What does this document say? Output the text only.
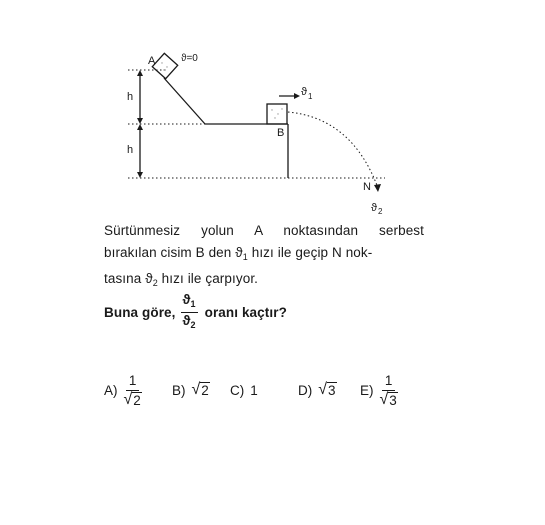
A	ϑ=0
h
h
B
ϑ 1
N
ϑ 2
Sürtünmesiz yolun A noktasından serbest
bırakılan cisim B den $ϑ_1$ hızı ile geçip N nok-
tasına $ϑ_2$ hızı ile çarpıyor.
Buna göre, $\frac{ϑ_1}{ϑ_2}$ oranı kaçtır?
A)
1
√ 2
B) √ 2 C) 1	D) √ 3 E)
1
√ 3
